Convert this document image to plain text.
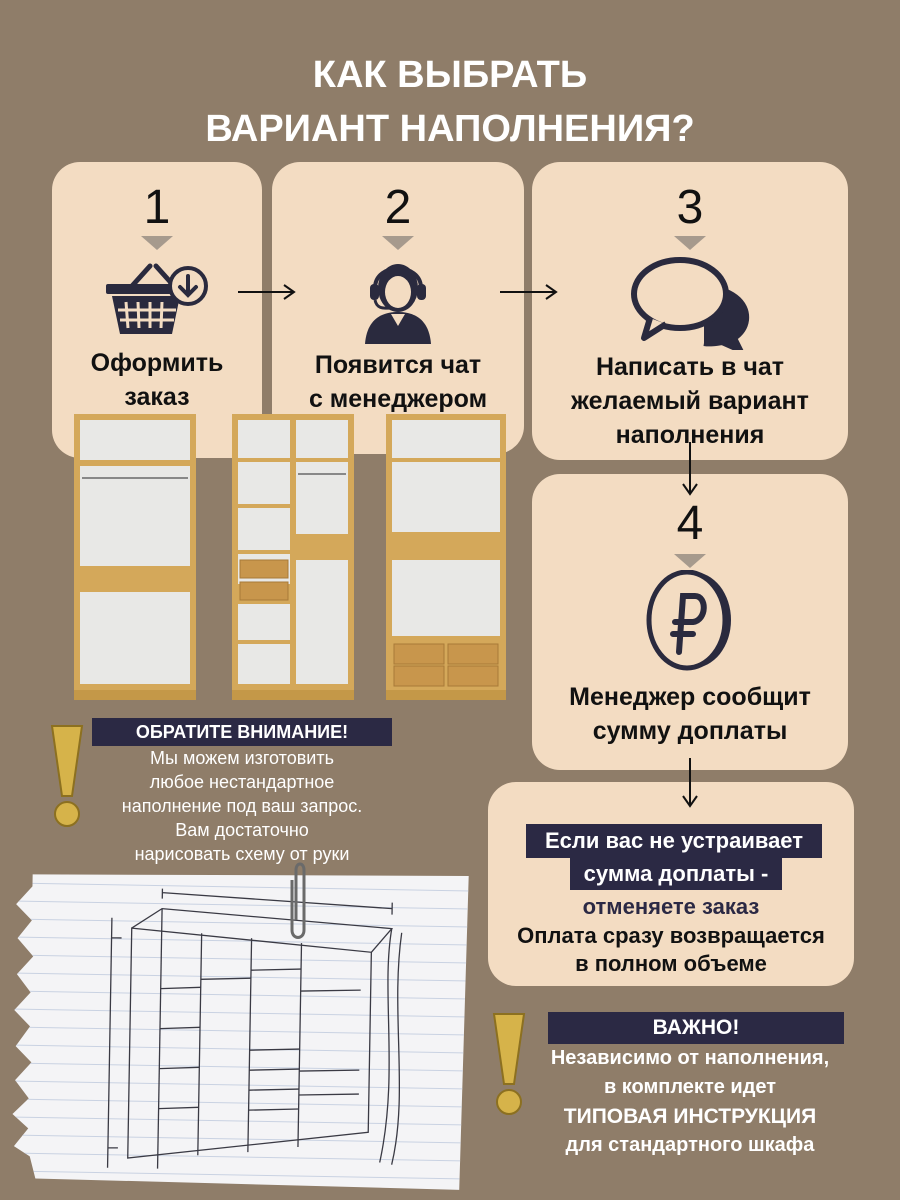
КАК ВЫБРАТЬ
ВАРИАНТ НАПОЛНЕНИЯ?
1
Оформить
заказ
2
Появится чат
с менеджером
3
Написать в чат
желаемый вариант
наполнения
4
Менеджер сообщит
сумму доплаты
Если вас не устраивает
сумма доплаты -
отменяете заказ
Оплата сразу возвращается
в полном объеме
ОБРАТИТЕ ВНИМАНИЕ!
Мы можем изготовить
любое нестандартное
наполнение под ваш запрос.
Вам достаточно
нарисовать схему от руки
ВАЖНО!
Независимо от наполнения,
в комплекте идет
ТИПОВАЯ ИНСТРУКЦИЯ
для стандартного шкафа
